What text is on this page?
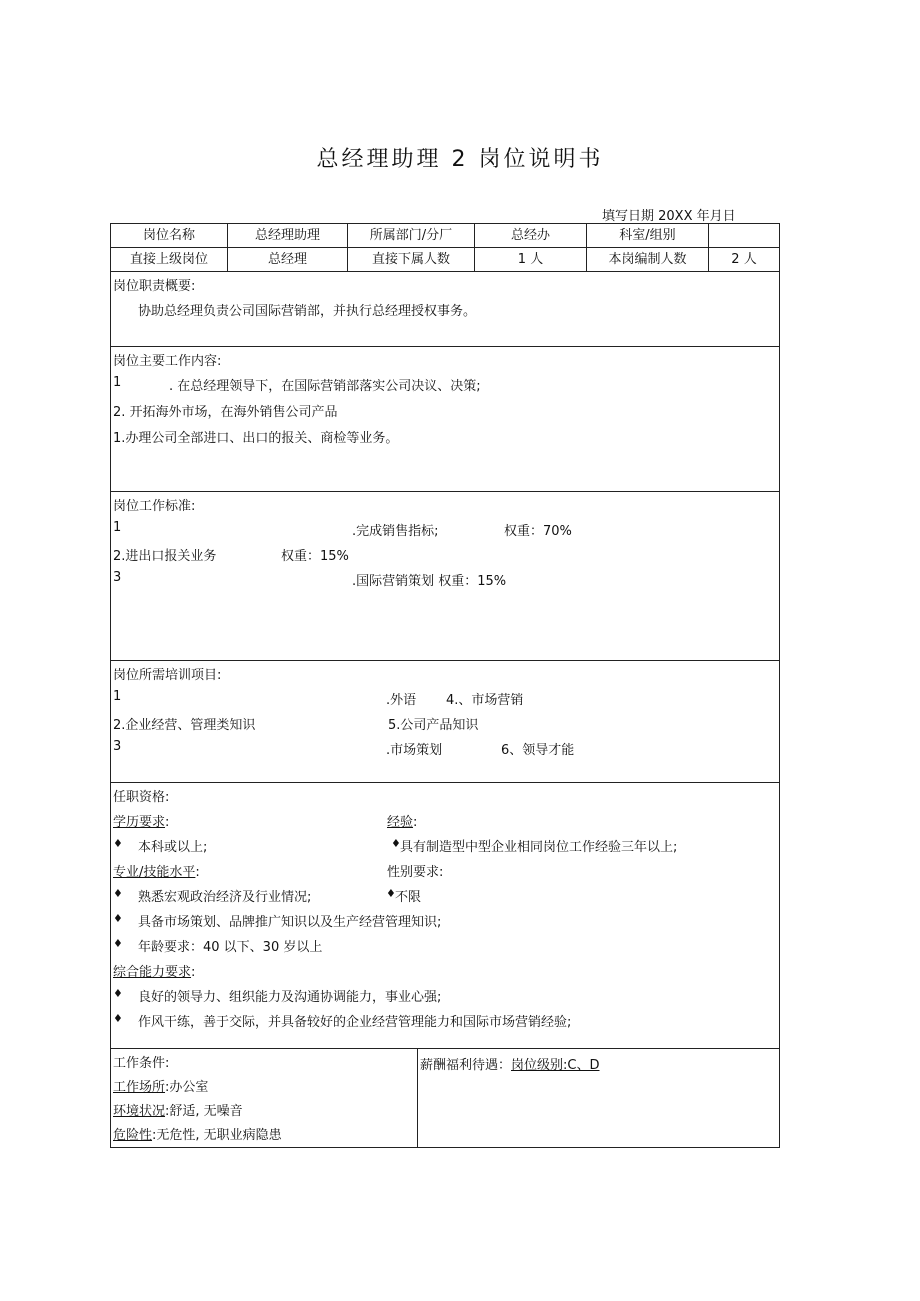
总经理助理 2 岗位说明书
填写日期 20XX 年月日
岗位名称	总经理助理	所属部门/分厂	总经办	科室/组别
直接上级岗位	总经理	直接下属人数	1 人	本岗编制人数	2 人
岗位职责概要:
协助总经理负责公司国际营销部，并执行总经理授权事务。
岗位主要工作内容:
1	. 在总经理领导下，在国际营销部落实公司决议、决策;
2. 开拓海外市场，在海外销售公司产品
1.办理公司全部进口、出口的报关、商检等业务。
岗位工作标准:
1	.完成销售指标;	权重：70%
2.进出口报关业务	权重：15%
3	.国际营销策划 权重：15%
岗位所需培训项目:
1	.外语 4.、市场营销
2.企业经营、管理类知识	5.公司产品知识
3	.市场策划	6、领导才能
任职资格:
学历要求:	经验:
♦ 本科或以上;	♦ 具有制造型中型企业相同岗位工作经验三年以上;
专业/技能水平:	性别要求:
♦ 熟悉宏观政治经济及行业情况;	♦ 不限
♦ 具备市场策划、品牌推广知识以及生产经营管理知识;
♦ 年龄要求：40 以下、30 岁以上
综合能力要求:
♦ 良好的领导力、组织能力及沟通协调能力，事业心强;
♦ 作风干练，善于交际，并具备较好的企业经营管理能力和国际市场营销经验;
工作条件:
工作场所:办公室
环境状况:舒适, 无噪音
危险性:无危性, 无职业病隐患
薪酬福利待遇：岗位级别:C、D
